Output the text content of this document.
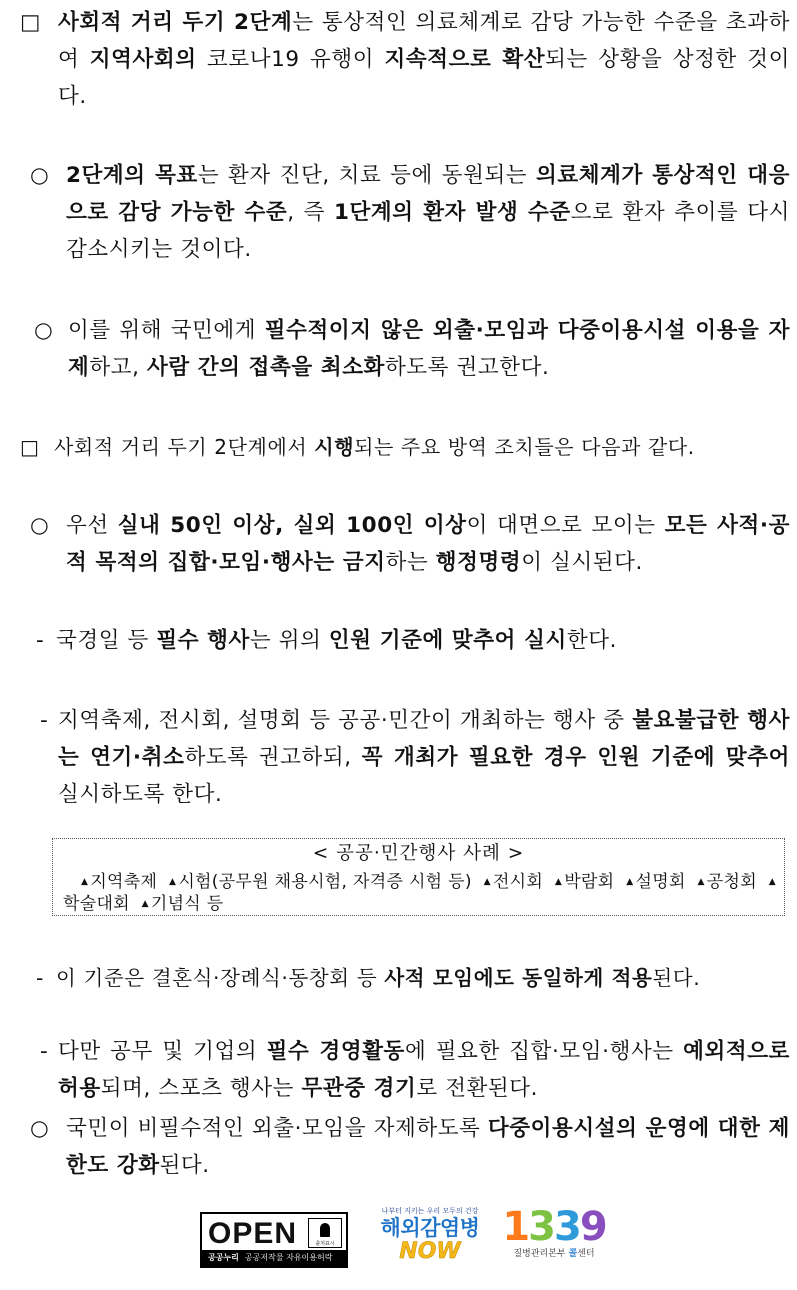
□ 사회적 거리 두기 2단계는 통상적인 의료체계로 감당 가능한 수준을 초과하여 지역사회의 코로나19 유행이 지속적으로 확산되는 상황을 상정한 것이다.
○ 2단계의 목표는 환자 진단, 치료 등에 동원되는 의료체계가 통상적인 대응으로 감당 가능한 수준, 즉 1단계의 환자 발생 수준으로 환자 추이를 다시 감소시키는 것이다.
○ 이를 위해 국민에게 필수적이지 않은 외출·모임과 다중이용시설 이용을 자제하고, 사람 간의 접촉을 최소화하도록 권고한다.
□ 사회적 거리 두기 2단계에서 시행되는 주요 방역 조치들은 다음과 같다.
○ 우선 실내 50인 이상, 실외 100인 이상이 대면으로 모이는 모든 사적·공적 목적의 집합·모임·행사는 금지하는 행정명령이 실시된다.
- 국경일 등 필수 행사는 위의 인원 기준에 맞추어 실시한다.
- 지역축제, 전시회, 설명회 등 공공·민간이 개최하는 행사 중 불요불급한 행사는 연기·취소하도록 권고하되, 꼭 개최가 필요한 경우 인원 기준에 맞추어 실시하도록 한다.
< 공공·민간행사 사례 >
▲ 지역축제 ▲ 시험(공무원 채용시험, 자격증 시험 등) ▲ 전시회 ▲ 박람회 ▲ 설명회 ▲ 공청회 ▲학술대회 ▲ 기념식 등
- 이 기준은 결혼식·장례식·동창회 등 사적 모임에도 동일하게 적용된다.
- 다만 공무 및 기업의 필수 경영활동에 필요한 집합·모임·행사는 예외적으로 허용되며, 스포츠 행사는 무관중 경기로 전환된다.
○ 국민이 비필수적인 외출·모임을 자제하도록 다중이용시설의 운영에 대한 제한도 강화된다.
OPEN	출처표시
공공누리 공공저작물 자유이용허락
나부터 지키는 우리 모두의 건강
해외감염병
NOW
1339
질병관리본부 콜센터
